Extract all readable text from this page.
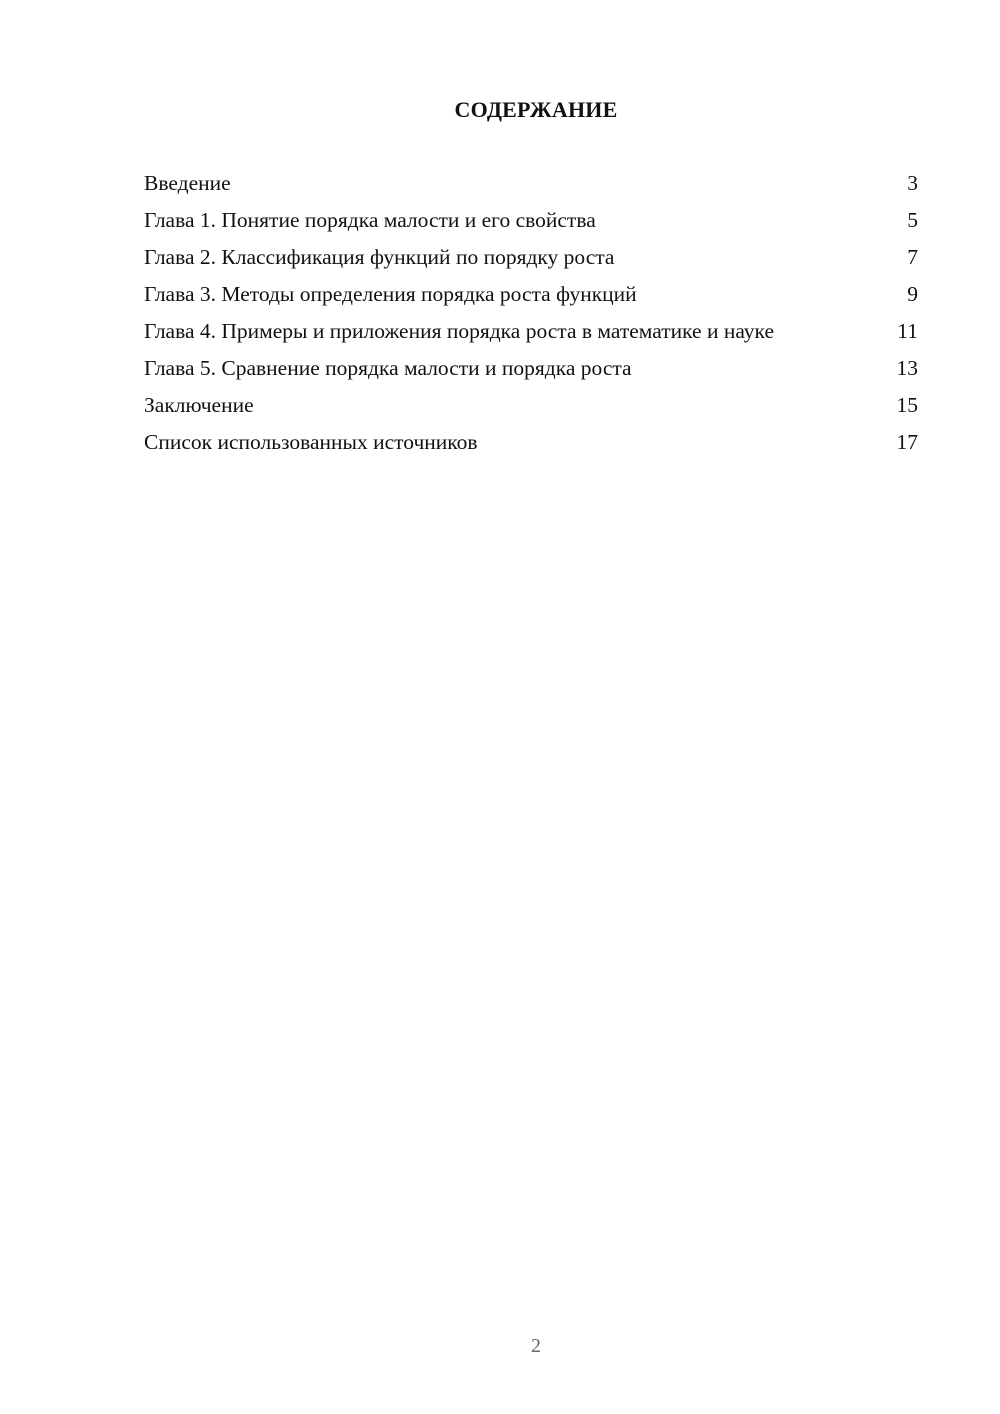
СОДЕРЖАНИЕ
Введение	3
Глава 1. Понятие порядка малости и его свойства	5
Глава 2. Классификация функций по порядку роста	7
Глава 3. Методы определения порядка роста функций	9
Глава 4. Примеры и приложения порядка роста в математике и науке	11
Глава 5. Сравнение порядка малости и порядка роста	13
Заключение	15
Список использованных источников	17
2
